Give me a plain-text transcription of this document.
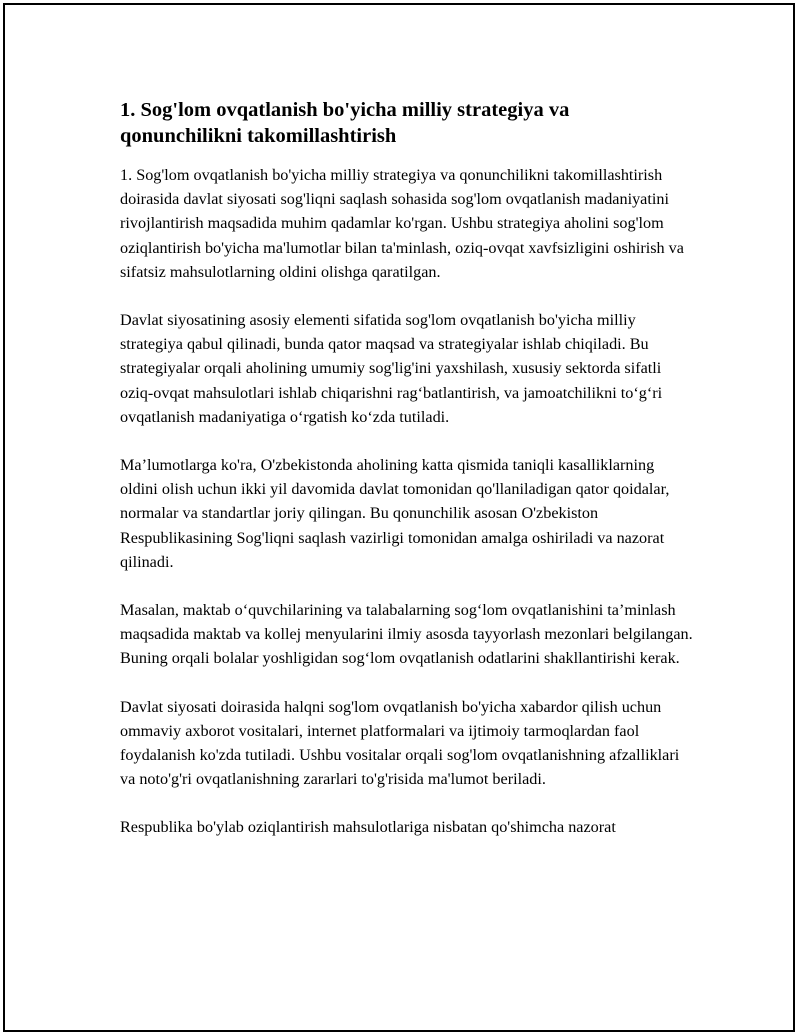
1. Sog'lom ovqatlanish bo'yicha milliy strategiya va qonunchilikni takomillashtirish

1. Sog'lom ovqatlanish bo'yicha milliy strategiya va qonunchilikni takomillashtirish doirasida davlat siyosati sog'liqni saqlash sohasida sog'lom ovqatlanish madaniyatini rivojlantirish maqsadida muhim qadamlar ko'rgan. Ushbu strategiya aholini sog'lom oziqlantirish bo'yicha ma'lumotlar bilan ta'minlash, oziq-ovqat xavfsizligini oshirish va sifatsiz mahsulotlarning oldini olishga qaratilgan.

Davlat siyosatining asosiy elementi sifatida sog'lom ovqatlanish bo'yicha milliy strategiya qabul qilinadi, bunda qator maqsad va strategiyalar ishlab chiqiladi. Bu strategiyalar orqali aholining umumiy sog'lig'ini yaxshilash, xususiy sektorda sifatli oziq-ovqat mahsulotlari ishlab chiqarishni rag‘batlantirish, va jamoatchilikni to‘g‘ri ovqatlanish madaniyatiga o‘rgatish ko‘zda tutiladi.

Ma’lumotlarga ko'ra, O'zbekistonda aholining katta qismida taniqli kasalliklarning oldini olish uchun ikki yil davomida davlat tomonidan qo'llaniladigan qator qoidalar, normalar va standartlar joriy qilingan. Bu qonunchilik asosan O'zbekiston Respublikasining Sog'liqni saqlash vazirligi tomonidan amalga oshiriladi va nazorat qilinadi.

Masalan, maktab o‘quvchilarining va talabalarning sog‘lom ovqatlanishini ta’minlash maqsadida maktab va kollej menyularini ilmiy asosda tayyorlash mezonlari belgilangan. Buning orqali bolalar yoshligidan sog‘lom ovqatlanish odatlarini shakllantirishi kerak.

Davlat siyosati doirasida halqni sog'lom ovqatlanish bo'yicha xabardor qilish uchun ommaviy axborot vositalari, internet platformalari va ijtimoiy tarmoqlardan faol foydalanish ko'zda tutiladi. Ushbu vositalar orqali sog'lom ovqatlanishning afzalliklari va noto'g'ri ovqatlanishning zararlari to'g'risida ma'lumot beriladi.

Respublika bo'ylab oziqlantirish mahsulotlariga nisbatan qo'shimcha nazorat
